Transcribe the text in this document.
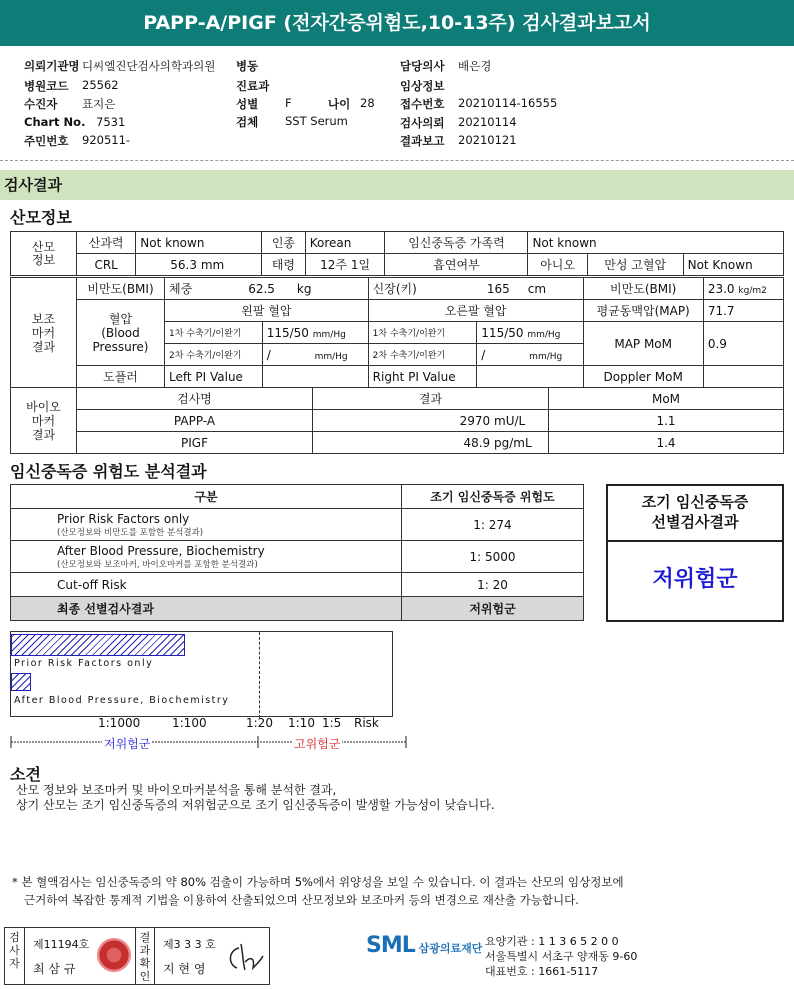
PAPP-A/PIGF (전자간증위험도,10-13주) 검사결과보고서
의뢰기관명 디씨엘진단검사의학과의원 병동	담당의사 배은경
병원코드 25562	진료과	임상정보
수진자 표지은	성별 F	나이 28 접수번호 20210114-16555
Chart No. 7531	검체 SST Serum	검사의뢰 20210114
주민번호 920511-	결과보고 20210121
검사결과
산모정보
산모
정보	산과력	Not known	인종	Korean	임신중독증 가족력	Not known		
	CRL	56.3 mm	태령	12주 1일	흡연여부	아니오	만성 고혈압	Not Known
보조
마커
결과	비만도(BMI)	체중 62.5 kg		신장(키) 165 cm		비만도(BMI)	23.0 kg/m2
	혈압
(Blood
Pressure)	왼팔 혈압		오른팔 혈압		평균동맥압(MAP)	71.7
		1차 수축기/이완기	115/50 mm/Hg	1차 수축기/이완기	115/50 mm/Hg	MAP MoM	0.9
		2차 수축기/이완기	/ mm/Hg	2차 수축기/이완기	/ mm/Hg		
	도플러	Left PI Value		Right PI Value		Doppler MoM	
바이오
마커
결과	검사명	결과	MoM
	PAPP-A	2970 mU/L	1.1
	PIGF	48.9 pg/mL	1.4
임신중독증 위험도 분석결과
구분	조기 임신중독증 위험도
Prior Risk Factors only
(산모정보와 비만도를 포함한 분석결과)	1: 274
After Blood Pressure, Biochemistry
(산모정보와 보조마커, 바이오마커를 포함한 분석결과)	1: 5000
Cut-off Risk	1: 20
최종 선별검사결과	저위험군
조기 임신중독증
선별검사결과
저위험군
Prior Risk Factors only
After Blood Pressure, Biochemistry
1:1000	1:100	1:20 1:10 1:5 Risk
저위험군	고위험군
소견
산모 정보와 보조마커 및 바이오마커분석을 통해 분석한 결과,
상기 산모는 조기 임신중독증의 저위험군으로 조기 임신중독증이 발생할 가능성이 낮습니다.
* 본 혈액검사는 임신중독증의 약 80% 검출이 가능하며 5%에서 위양성을 보일 수 있습니다. 이 결과는 산모의 임상정보에
근거하여 복잡한 통계적 기법을 이용하여 산출되었으며 산모정보와 보조마커 등의 변경으로 재산출 가능합니다.
검사자
제11194호
최 삼 규
결과확인
제3 3 3 호
지 현 영
SML 삼광의료재단
요양기관 : 1 1 3 6 5 2 0 0
서울특별시 서초구 양재동 9-60
대표번호 : 1661-5117
